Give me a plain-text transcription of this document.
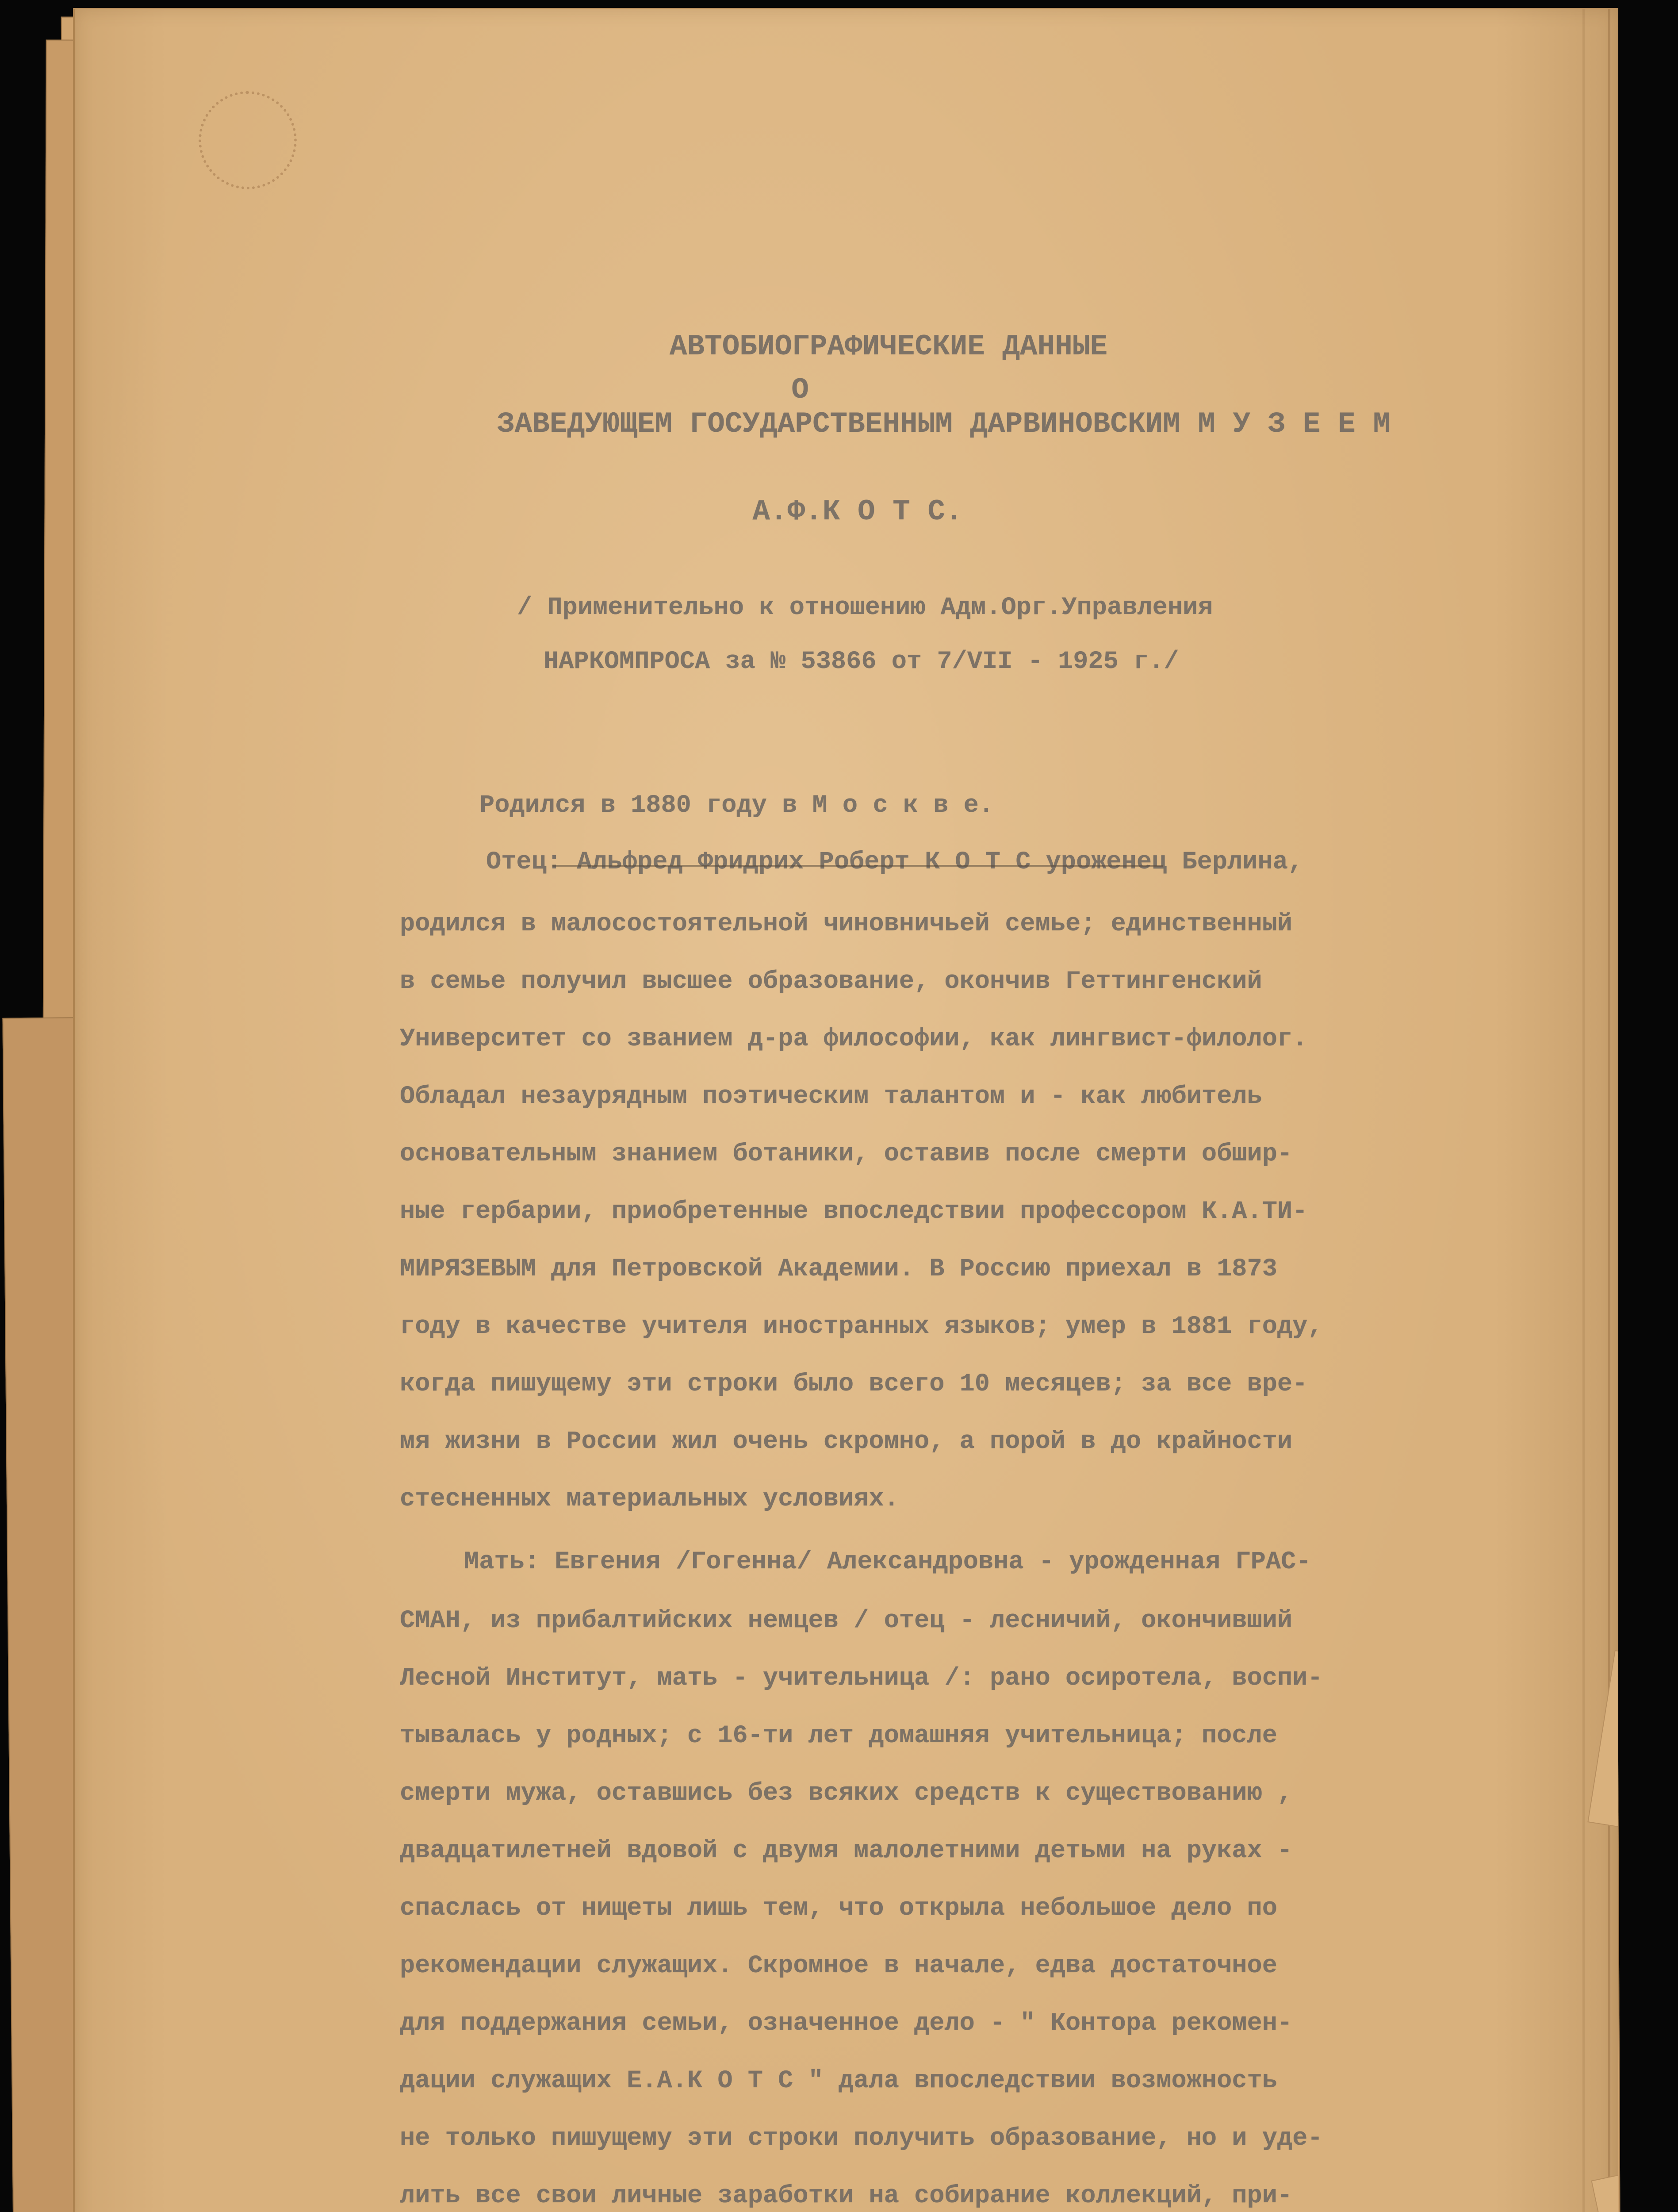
АВТОБИОГРАФИЧЕСКИЕ ДАННЫЕ
О
ЗАВЕДУЮЩЕМ ГОСУДАРСТВЕННЫМ ДАРВИНОВСКИМ М У З Е Е М
А.Ф.К О Т С.
/ Применительно к отношению Адм.Орг.Управления
НАРКОМПРОСА за № 53866 от 7/VII - 1925 г./
Родился в 1880 году в М о с к в е.
Отец: Альфред Фридрих Роберт К О Т С уроженец Берлина,
родился в малосостоятельной чиновничьей семье; единственный
в семье получил высшее образование, окончив Геттингенский
Университет со званием д-ра философии, как лингвист-филолог.
Обладал незаурядным поэтическим талантом и - как любитель
основательным знанием ботаники, оставив после смерти обшир-
ные гербарии, приобретенные впоследствии профессором К.А.ТИ-
МИРЯЗЕВЫМ для Петровской Академии. В Россию приехал в 1873
году в качестве учителя иностранных языков; умер в 1881 году,
когда пишущему эти строки было всего 10 месяцев; за все вре-
мя жизни в России жил очень скромно, а порой в до крайности
стесненных материальных условиях.
Мать: Евгения /Гогенна/ Александровна - урожденная ГРАС-
СМАН, из прибалтийских немцев / отец - лесничий, окончивший
Лесной Институт, мать - учительница /: рано осиротела, воспи-
тывалась у родных; с 16-ти лет домашняя учительница; после
смерти мужа, оставшись без всяких средств к существованию ,
двадцатилетней вдовой с двумя малолетними детьми на руках -
спаслась от нищеты лишь тем, что открыла небольшое дело по
рекомендации служащих. Скромное в начале, едва достаточное
для поддержания семьи, означенное дело - " Контора рекомен-
дации служащих Е.А.К О Т С " дала впоследствии возможность
не только пишущему эти строки получить образование, но и уде-
лить все свои личные заработки на собирание коллекций, при-
